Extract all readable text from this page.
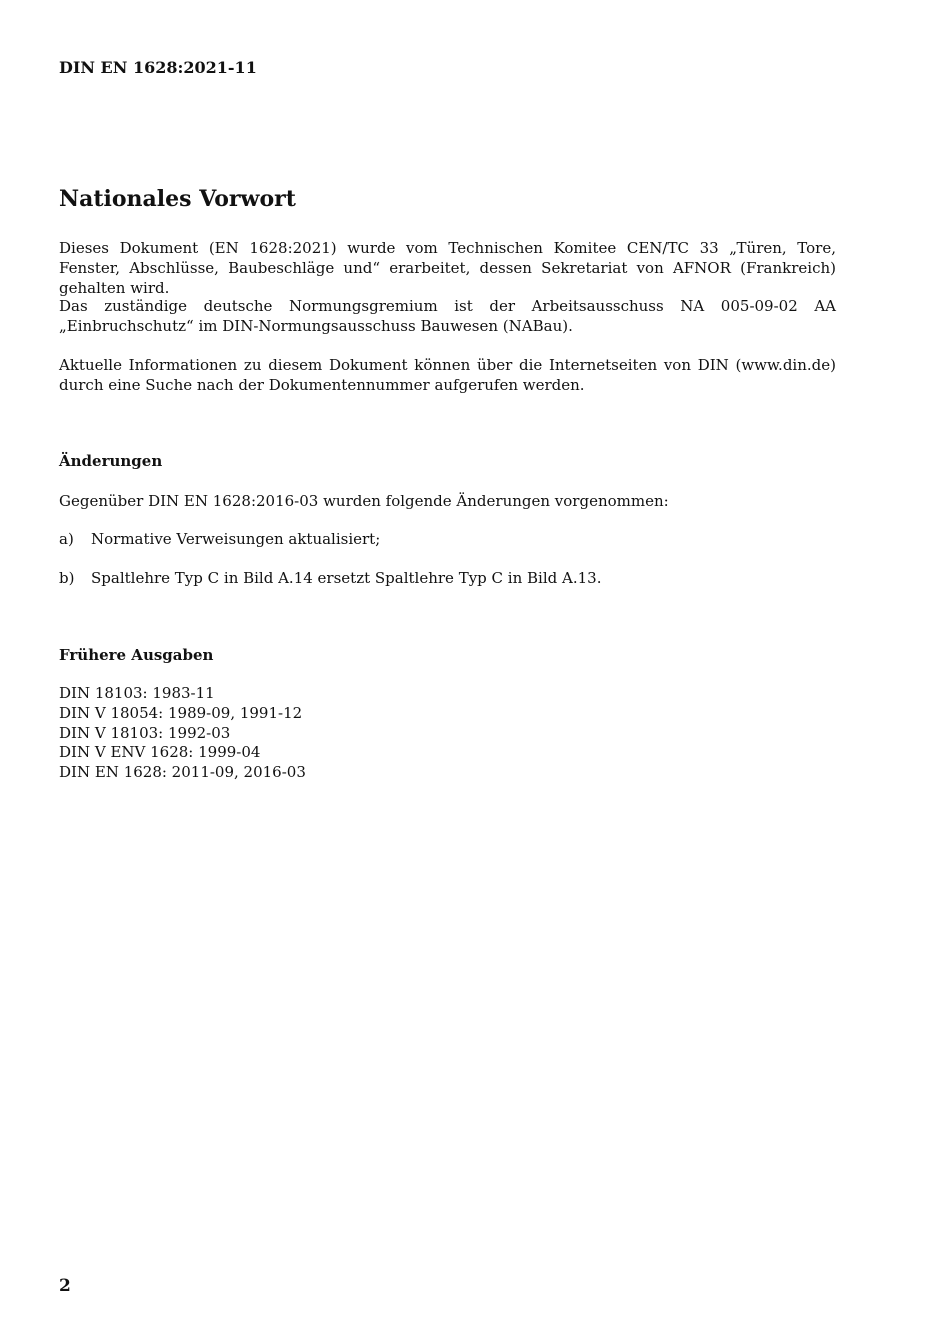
DIN EN 1628:2021-11
Nationales Vorwort

Dieses Dokument (EN 1628:2021) wurde vom Technischen Komitee CEN/TC 33 „Türen, Tore, Fenster, Abschlüsse, Baubeschläge und“ erarbeitet, dessen Sekretariat von AFNOR (Frankreich) gehalten wird.

Das zuständige deutsche Normungsgremium ist der Arbeitsausschuss NA 005-09-02 AA „Einbruchschutz“ im DIN-Normungsausschuss Bauwesen (NABau).

Aktuelle Informationen zu diesem Dokument können über die Internetseiten von DIN (www.din.de) durch eine Suche nach der Dokumentennummer aufgerufen werden.

Änderungen

Gegenüber DIN EN 1628:2016-03 wurden folgende Änderungen vorgenommen:

a) Normative Verweisungen aktualisiert;

b) Spaltlehre Typ C in Bild A.14 ersetzt Spaltlehre Typ C in Bild A.13.

Frühere Ausgaben
DIN 18103: 1983-11
DIN V 18054: 1989-09, 1991-12
DIN V 18103: 1992-03
DIN V ENV 1628: 1999-04
DIN EN 1628: 2011-09, 2016-03
2
